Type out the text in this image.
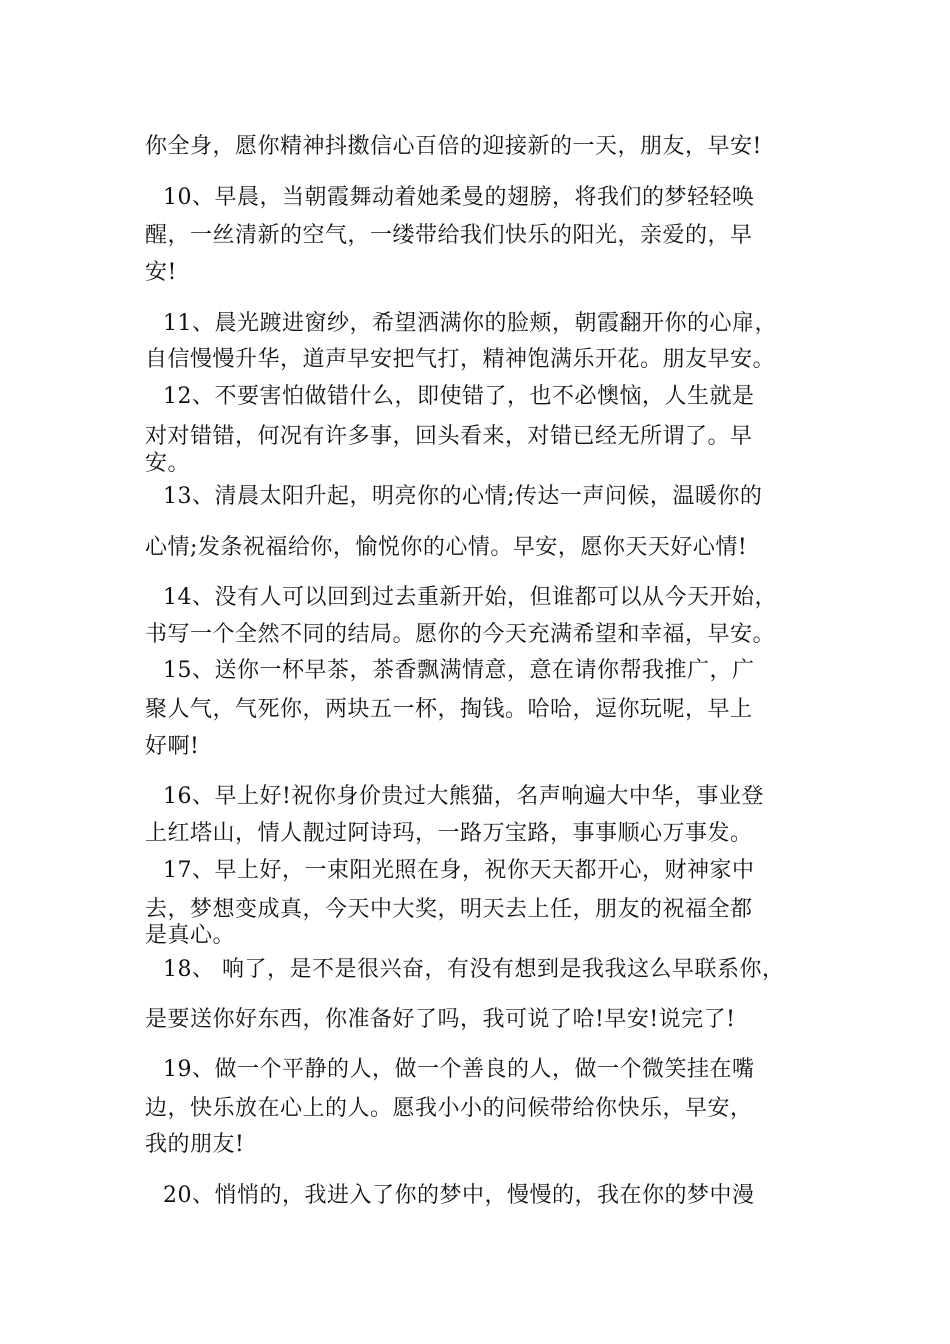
你全身，愿你精神抖擞信心百倍的迎接新的一天，朋友，早安!
10、早晨，当朝霞舞动着她柔曼的翅膀，将我们的梦轻轻唤
醒，一丝清新的空气，一缕带给我们快乐的阳光，亲爱的，早
安!
11、晨光踱进窗纱，希望洒满你的脸颊，朝霞翻开你的心扉，
自信慢慢升华，道声早安把气打，精神饱满乐开花。朋友早安。
12、不要害怕做错什么，即使错了，也不必懊恼，人生就是
对对错错，何况有许多事，回头看来，对错已经无所谓了。早
安。
13、清晨太阳升起，明亮你的心情;传达一声问候，温暖你的
心情;发条祝福给你，愉悦你的心情。早安，愿你天天好心情!
14、没有人可以回到过去重新开始，但谁都可以从今天开始，
书写一个全然不同的结局。愿你的今天充满希望和幸福，早安。
15、送你一杯早茶，茶香飘满情意，意在请你帮我推广，广
聚人气，气死你，两块五一杯，掏钱。哈哈，逗你玩呢，早上
好啊!
16、早上好!祝你身价贵过大熊猫，名声响遍大中华，事业登
上红塔山，情人靓过阿诗玛，一路万宝路，事事顺心万事发。
17、早上好，一束阳光照在身，祝你天天都开心，财神家中
去，梦想变成真，今天中大奖，明天去上任，朋友的祝福全都
是真心。
18、 响了，是不是很兴奋，有没有想到是我我这么早联系你，
是要送你好东西，你准备好了吗，我可说了哈!早安!说完了!
19、做一个平静的人，做一个善良的人，做一个微笑挂在嘴
边，快乐放在心上的人。愿我小小的问候带给你快乐，早安，
我的朋友!
20、悄悄的，我进入了你的梦中，慢慢的，我在你的梦中漫
